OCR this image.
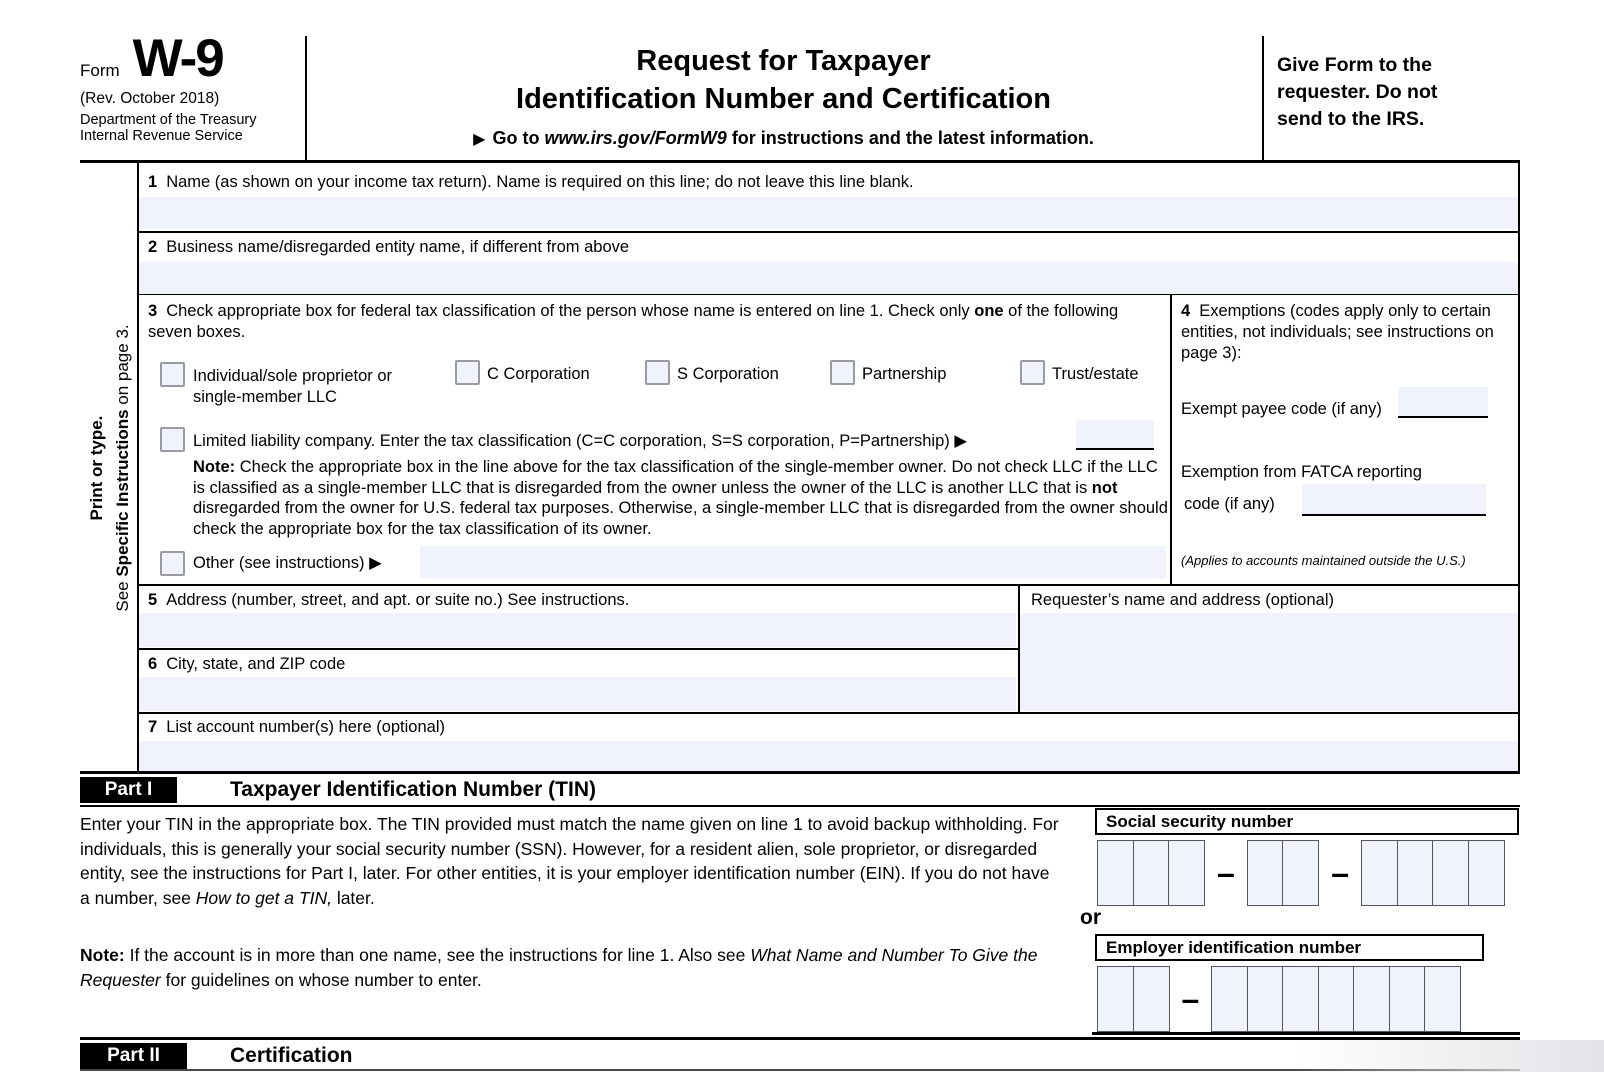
Form W-9
(Rev. October 2018)
Department of the Treasury
Internal Revenue Service
Request for Taxpayer
Identification Number and Certification
▶ Go to www.irs.gov/FormW9 for instructions and the latest information.
Give Form to the requester. Do not send to the IRS.
Print or type.
See Specific Instructions on page 3.
1 Name (as shown on your income tax return). Name is required on this line; do not leave this line blank.
2 Business name/disregarded entity name, if different from above
3 Check appropriate box for federal tax classification of the person whose name is entered on line 1. Check only one of the following seven boxes.
Individual/sole proprietor or single-member LLC
C Corporation	S Corporation	Partnership	Trust/estate
Limited liability company. Enter the tax classification (C=C corporation, S=S corporation, P=Partnership) ▶
Note: Check the appropriate box in the line above for the tax classification of the single-member owner. Do not check LLC if the LLC is classified as a single-member LLC that is disregarded from the owner unless the owner of the LLC is another LLC that is not disregarded from the owner for U.S. federal tax purposes. Otherwise, a single-member LLC that is disregarded from the owner should check the appropriate box for the tax classification of its owner.
Other (see instructions) ▶
4 Exemptions (codes apply only to certain entities, not individuals; see instructions on page 3):
Exempt payee code (if any)
Exemption from FATCA reporting
code (if any)
(Applies to accounts maintained outside the U.S.)
5 Address (number, street, and apt. or suite no.) See instructions.	Requester’s name and address (optional)
6 City, state, and ZIP code
7 List account number(s) here (optional)
Part I	Taxpayer Identification Number (TIN)
Enter your TIN in the appropriate box. The TIN provided must match the name given on line 1 to avoid backup withholding. For individuals, this is generally your social security number (SSN). However, for a resident alien, sole proprietor, or disregarded entity, see the instructions for Part I, later. For other entities, it is your employer identification number (EIN). If you do not have a number, see How to get a TIN, later.
Note: If the account is in more than one name, see the instructions for line 1. Also see What Name and Number To Give the Requester for guidelines on whose number to enter.
Social security number
–	–
or
Employer identification number
–
Part II	Certification
